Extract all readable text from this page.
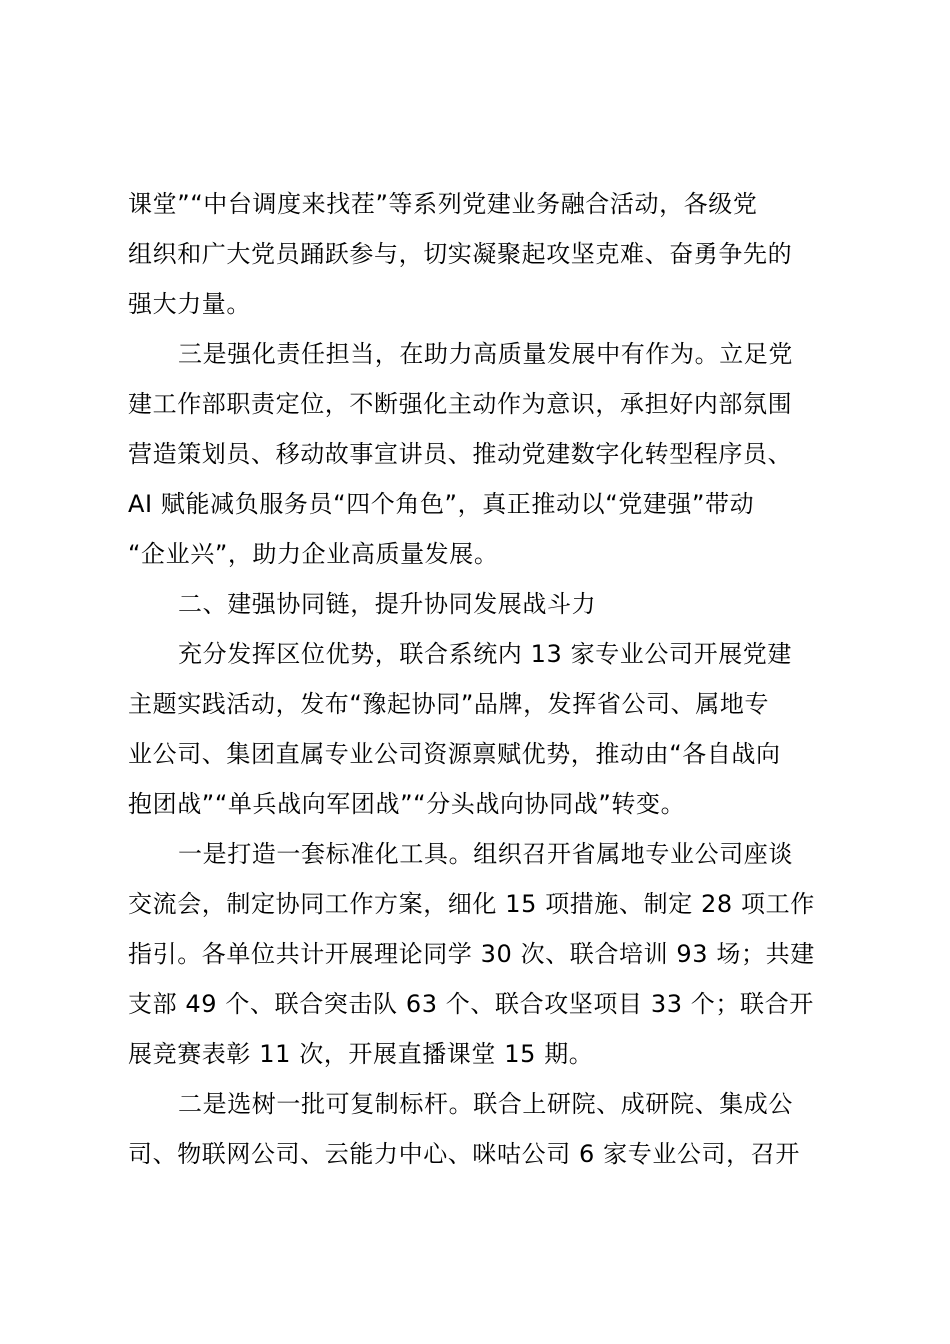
课堂”“中台调度来找茬”等系列党建业务融合活动，各级党
组织和广大党员踊跃参与，切实凝聚起攻坚克难、奋勇争先的
强大力量。
三是强化责任担当，在助力高质量发展中有作为。立足党
建工作部职责定位，不断强化主动作为意识，承担好内部氛围
营造策划员、移动故事宣讲员、推动党建数字化转型程序员、
AI 赋能减负服务员“四个角色”，真正推动以“党建强”带动
“企业兴”，助力企业高质量发展。
二、建强协同链，提升协同发展战斗力
充分发挥区位优势，联合系统内 13 家专业公司开展党建
主题实践活动，发布“豫起协同”品牌，发挥省公司、属地专
业公司、集团直属专业公司资源禀赋优势，推动由“各自战向
抱团战”“单兵战向军团战”“分头战向协同战”转变。
一是打造一套标准化工具。组织召开省属地专业公司座谈
交流会，制定协同工作方案，细化 15 项措施、制定 28 项工作
指引。各单位共计开展理论同学 30 次、联合培训 93 场；共建
支部 49 个、联合突击队 63 个、联合攻坚项目 33 个；联合开
展竞赛表彰 11 次，开展直播课堂 15 期。
二是选树一批可复制标杆。联合上研院、成研院、集成公
司、物联网公司、云能力中心、咪咕公司 6 家专业公司，召开
